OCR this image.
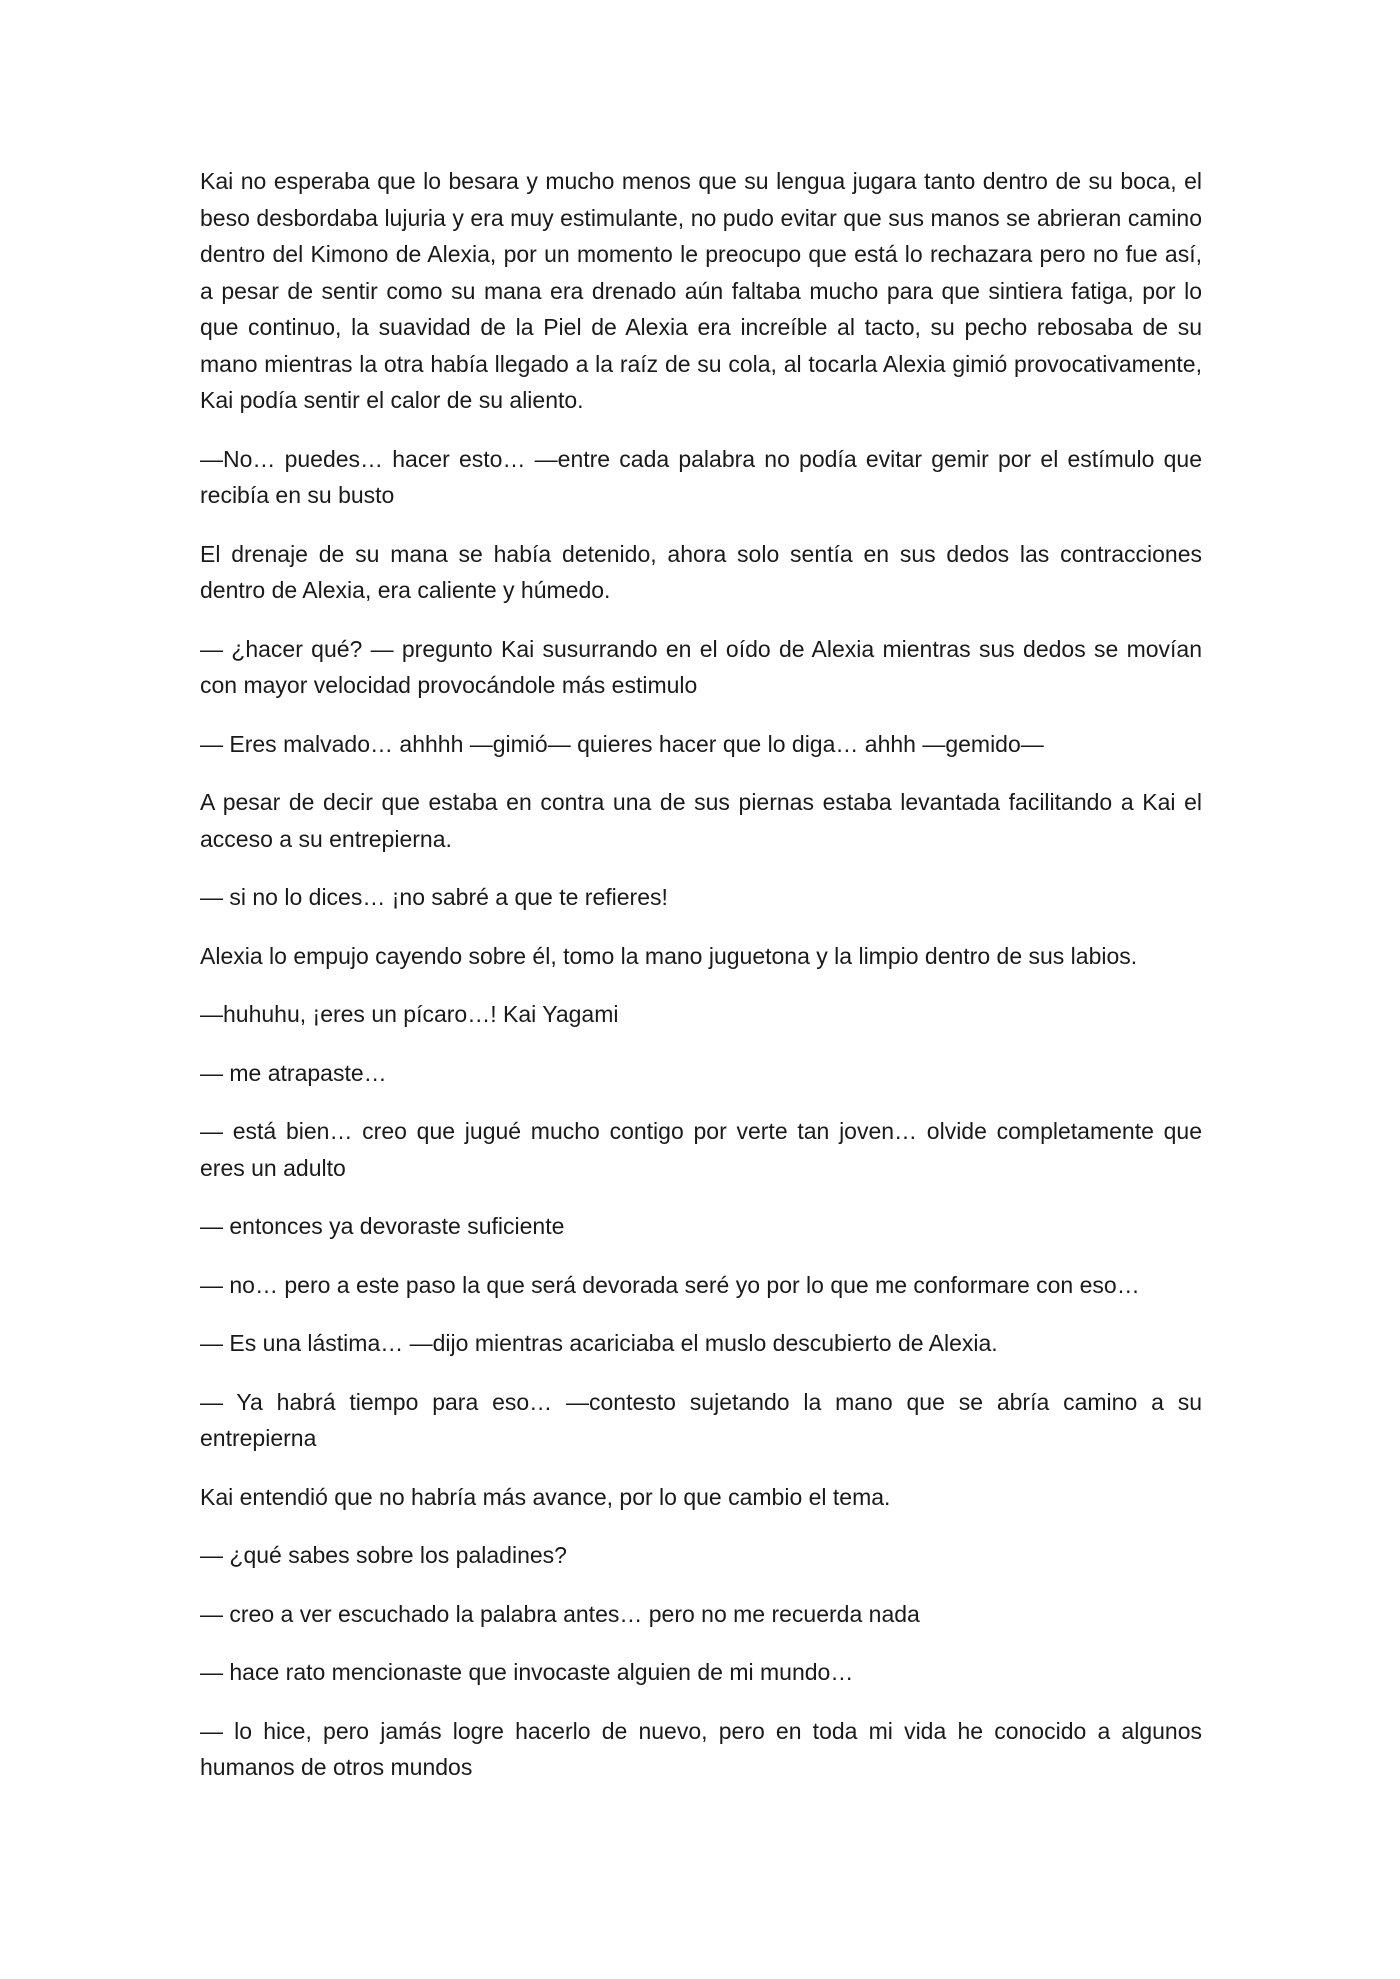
Kai no esperaba que lo besara y mucho menos que su lengua jugara tanto dentro de su boca, el beso desbordaba lujuria y era muy estimulante, no pudo evitar que sus manos se abrieran camino dentro del Kimono de Alexia, por un momento le preocupo que está lo rechazara pero no fue así, a pesar de sentir como su mana era drenado aún faltaba mucho para que sintiera fatiga, por lo que continuo, la suavidad de la Piel de Alexia era increíble al tacto, su pecho rebosaba de su mano mientras la otra había llegado a la raíz de su cola, al tocarla Alexia gimió provocativamente, Kai podía sentir el calor de su aliento.

—No… puedes… hacer esto… —entre cada palabra no podía evitar gemir por el estímulo que recibía en su busto

El drenaje de su mana se había detenido, ahora solo sentía en sus dedos las contracciones dentro de Alexia, era caliente y húmedo.

— ¿hacer qué? — pregunto Kai susurrando en el oído de Alexia mientras sus dedos se movían con mayor velocidad provocándole más estimulo

— Eres malvado… ahhhh —gimió— quieres hacer que lo diga… ahhh —gemido—

A pesar de decir que estaba en contra una de sus piernas estaba levantada facilitando a Kai el acceso a su entrepierna.

— si no lo dices… ¡no sabré a que te refieres!

Alexia lo empujo cayendo sobre él, tomo la mano juguetona y la limpio dentro de sus labios.

—huhuhu, ¡eres un pícaro…! Kai Yagami

— me atrapaste…

— está bien… creo que jugué mucho contigo por verte tan joven… olvide completamente que eres un adulto

— entonces ya devoraste suficiente

— no… pero a este paso la que será devorada seré yo por lo que me conformare con eso…

— Es una lástima… —dijo mientras acariciaba el muslo descubierto de Alexia.

— Ya habrá tiempo para eso… —contesto sujetando la mano que se abría camino a su entrepierna

Kai entendió que no habría más avance, por lo que cambio el tema.

— ¿qué sabes sobre los paladines?

— creo a ver escuchado la palabra antes… pero no me recuerda nada

— hace rato mencionaste que invocaste alguien de mi mundo…

— lo hice, pero jamás logre hacerlo de nuevo, pero en toda mi vida he conocido a algunos humanos de otros mundos
